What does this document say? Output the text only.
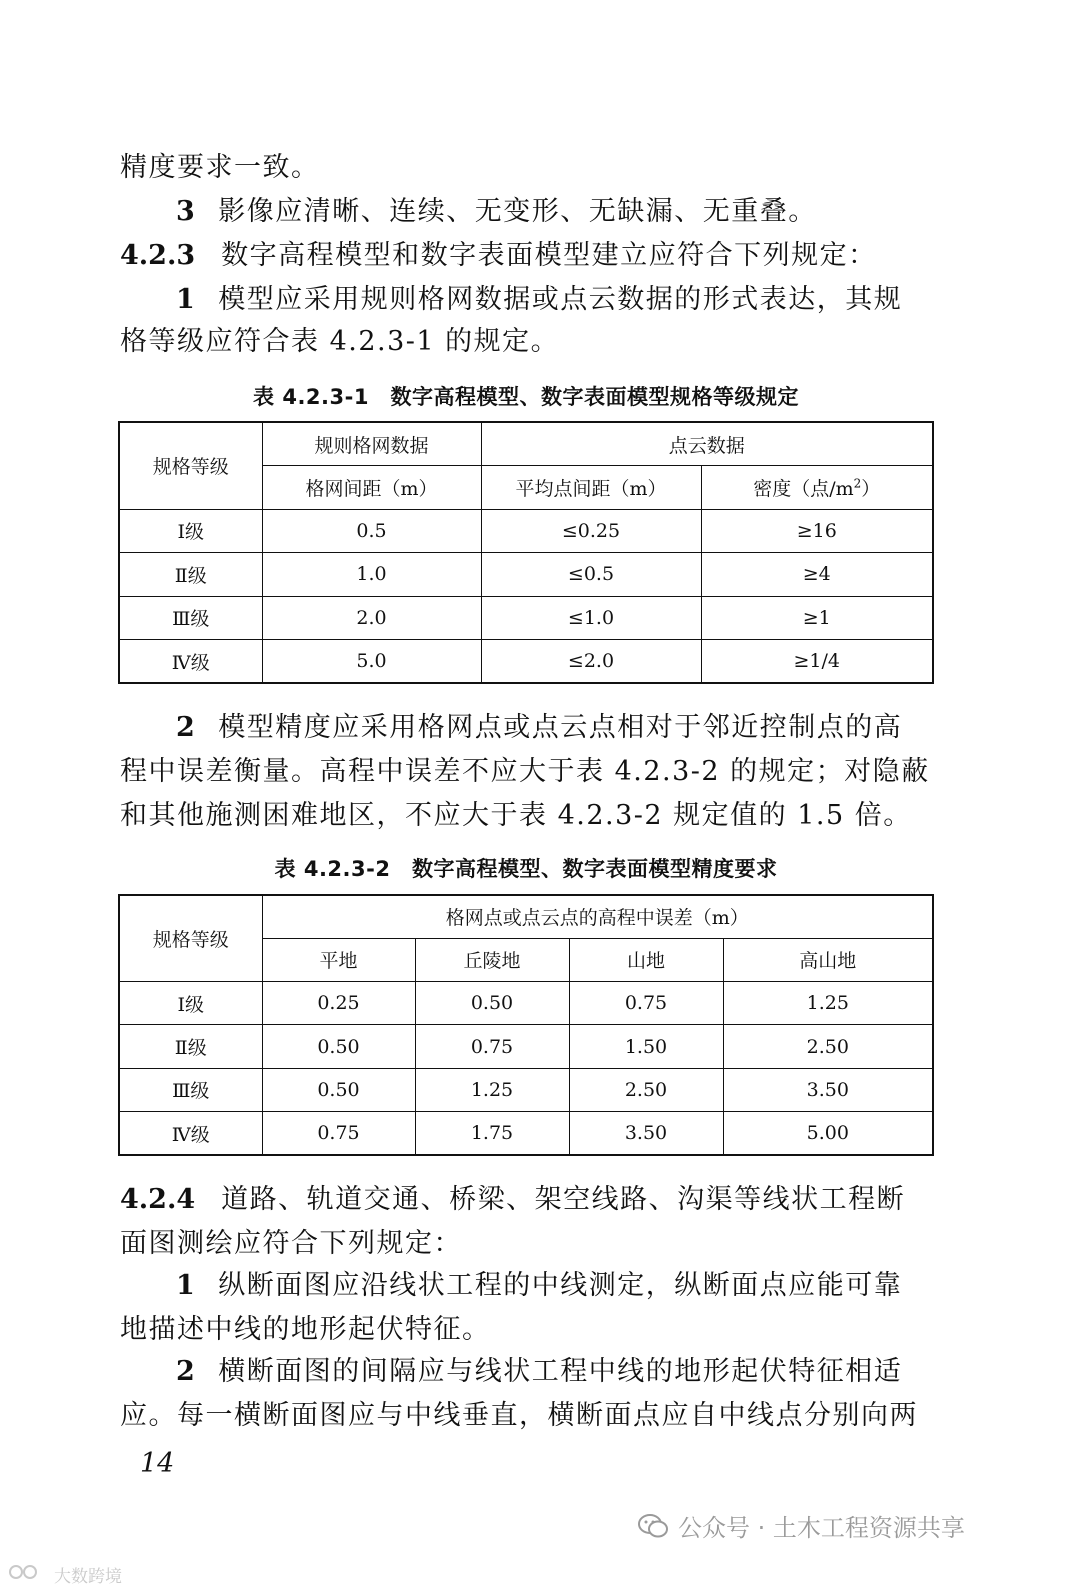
精度要求一致。
3 影像应清晰、连续、无变形、无缺漏、无重叠。
4.2.3 数字高程模型和数字表面模型建立应符合下列规定：
1 模型应采用规则格网数据或点云数据的形式表达，其规
格等级应符合表 4.2.3-1 的规定。
表 4.2.3-1　数字高程模型、数字表面模型规格等级规定
规格等级	规则格网数据	点云数据	
	格网间距（m）	平均点间距（m）	密度（点$/m^2$）
Ⅰ级	0.5	≤0.25	≥16
Ⅱ级	1.0	≤0.5	≥4
Ⅲ级	2.0	≤1.0	≥1
Ⅳ级	5.0	≤2.0	≥1/4
2 模型精度应采用格网点或点云点相对于邻近控制点的高
程中误差衡量。高程中误差不应大于表 4.2.3-2 的规定；对隐蔽
和其他施测困难地区，不应大于表 4.2.3-2 规定值的 1.5 倍。
表 4.2.3-2　数字高程模型、数字表面模型精度要求
规格等级	格网点或点云点的高程中误差（m）			
	平地	丘陵地	山地	高山地
Ⅰ级	0.25	0.50	0.75	1.25
Ⅱ级	0.50	0.75	1.50	2.50
Ⅲ级	0.50	1.25	2.50	3.50
Ⅳ级	0.75	1.75	3.50	5.00
4.2.4 道路、轨道交通、桥梁、架空线路、沟渠等线状工程断
面图测绘应符合下列规定：
1 纵断面图应沿线状工程的中线测定，纵断面点应能可靠
地描述中线的地形起伏特征。
2 横断面图的间隔应与线状工程中线的地形起伏特征相适
应。每一横断面图应与中线垂直，横断面点应自中线点分别向两
14
公众号 · 土木工程资源共享
大数跨境
